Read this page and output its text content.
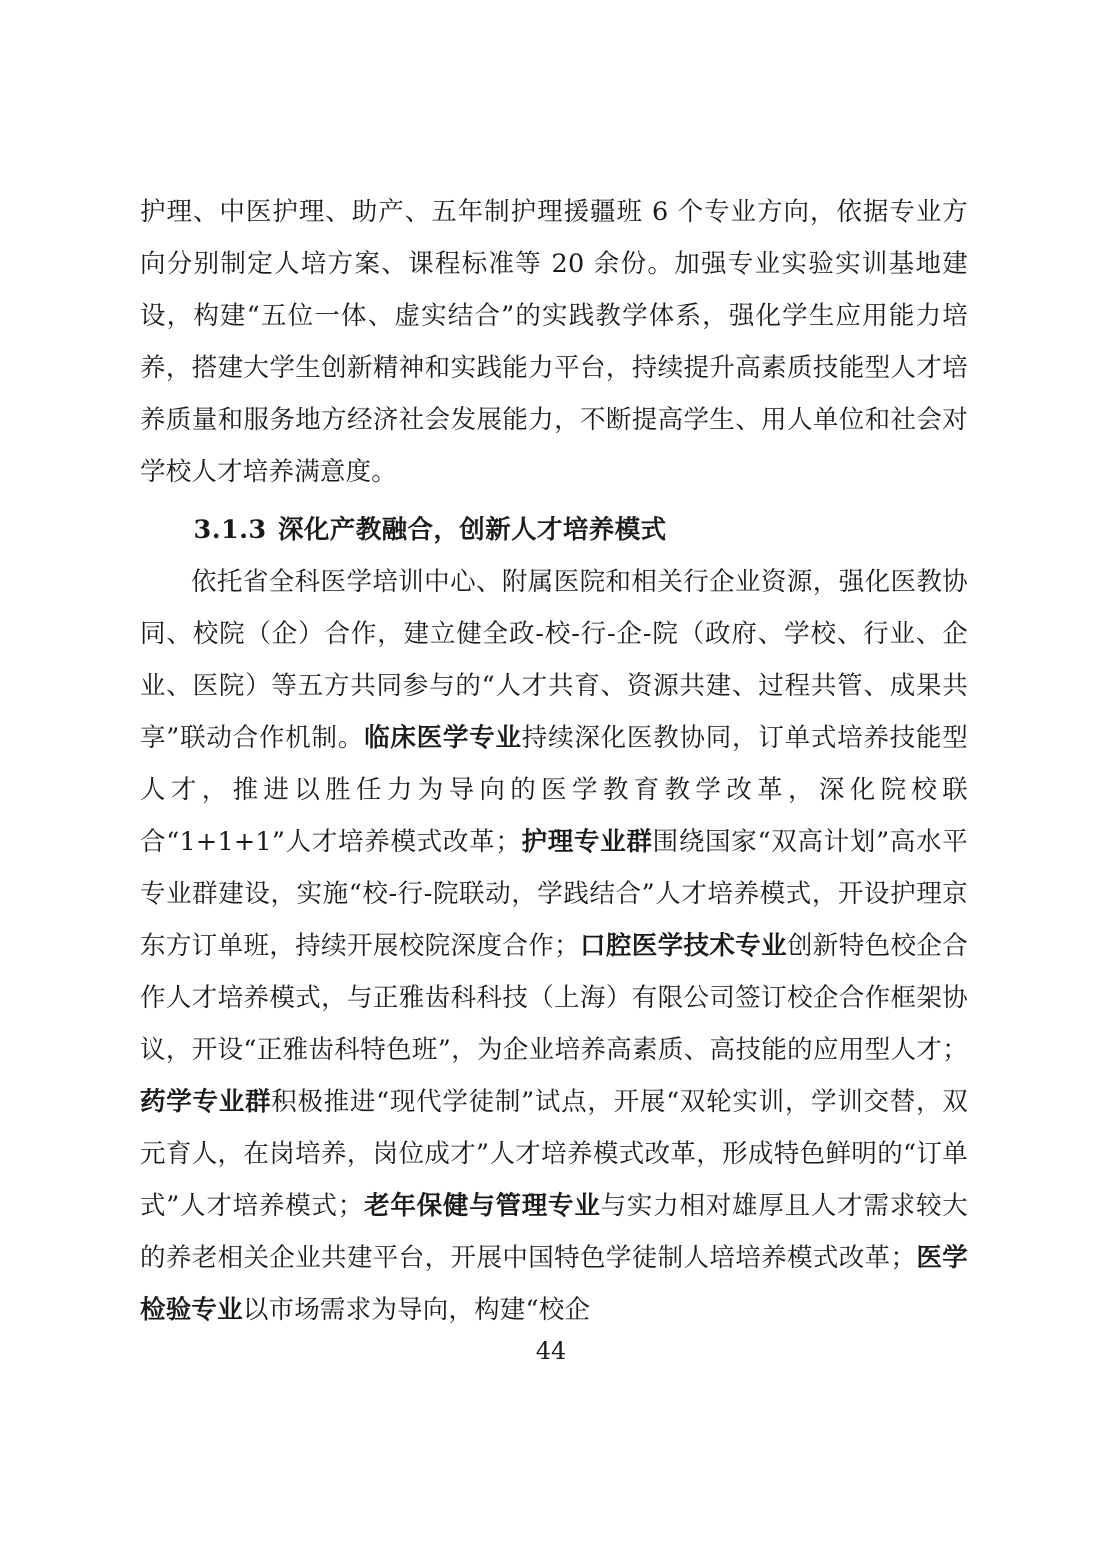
护理、中医护理、助产、五年制护理援疆班 6 个专业方向，依据专业方向分别制定人培方案、课程标准等 20 余份。加强专业实验实训基地建设，构建“五位一体、虚实结合”的实践教学体系，强化学生应用能力培养，搭建大学生创新精神和实践能力平台，持续提升高素质技能型人才培养质量和服务地方经济社会发展能力，不断提高学生、用人单位和社会对学校人才培养满意度。

3.1.3 深化产教融合，创新人才培养模式

依托省全科医学培训中心、附属医院和相关行企业资源，强化医教协同、校院（企）合作，建立健全政-校-行-企-院（政府、学校、行业、企业、医院）等五方共同参与的“人才共育、资源共建、过程共管、成果共享”联动合作机制。临床医学专业持续深化医教协同，订单式培养技能型人才，推进以胜任力为导向的医学教育教学改革，深化院校联合“1+1+1”人才培养模式改革；护理专业群围绕国家“双高计划”高水平专业群建设，实施“校-行-院联动，学践结合”人才培养模式，开设护理京东方订单班，持续开展校院深度合作；口腔医学技术专业创新特色校企合作人才培养模式，与正雅齿科科技（上海）有限公司签订校企合作框架协议，开设“正雅齿科特色班”，为企业培养高素质、高技能的应用型人才；药学专业群积极推进“现代学徒制”试点，开展“双轮实训，学训交替，双元育人，在岗培养，岗位成才”人才培养模式改革，形成特色鲜明的“订单式”人才培养模式；老年保健与管理专业与实力相对雄厚且人才需求较大的养老相关企业共建平台，开展中国特色学徒制人培培养模式改革；医学检验专业以市场需求为导向，构建“校企

44
